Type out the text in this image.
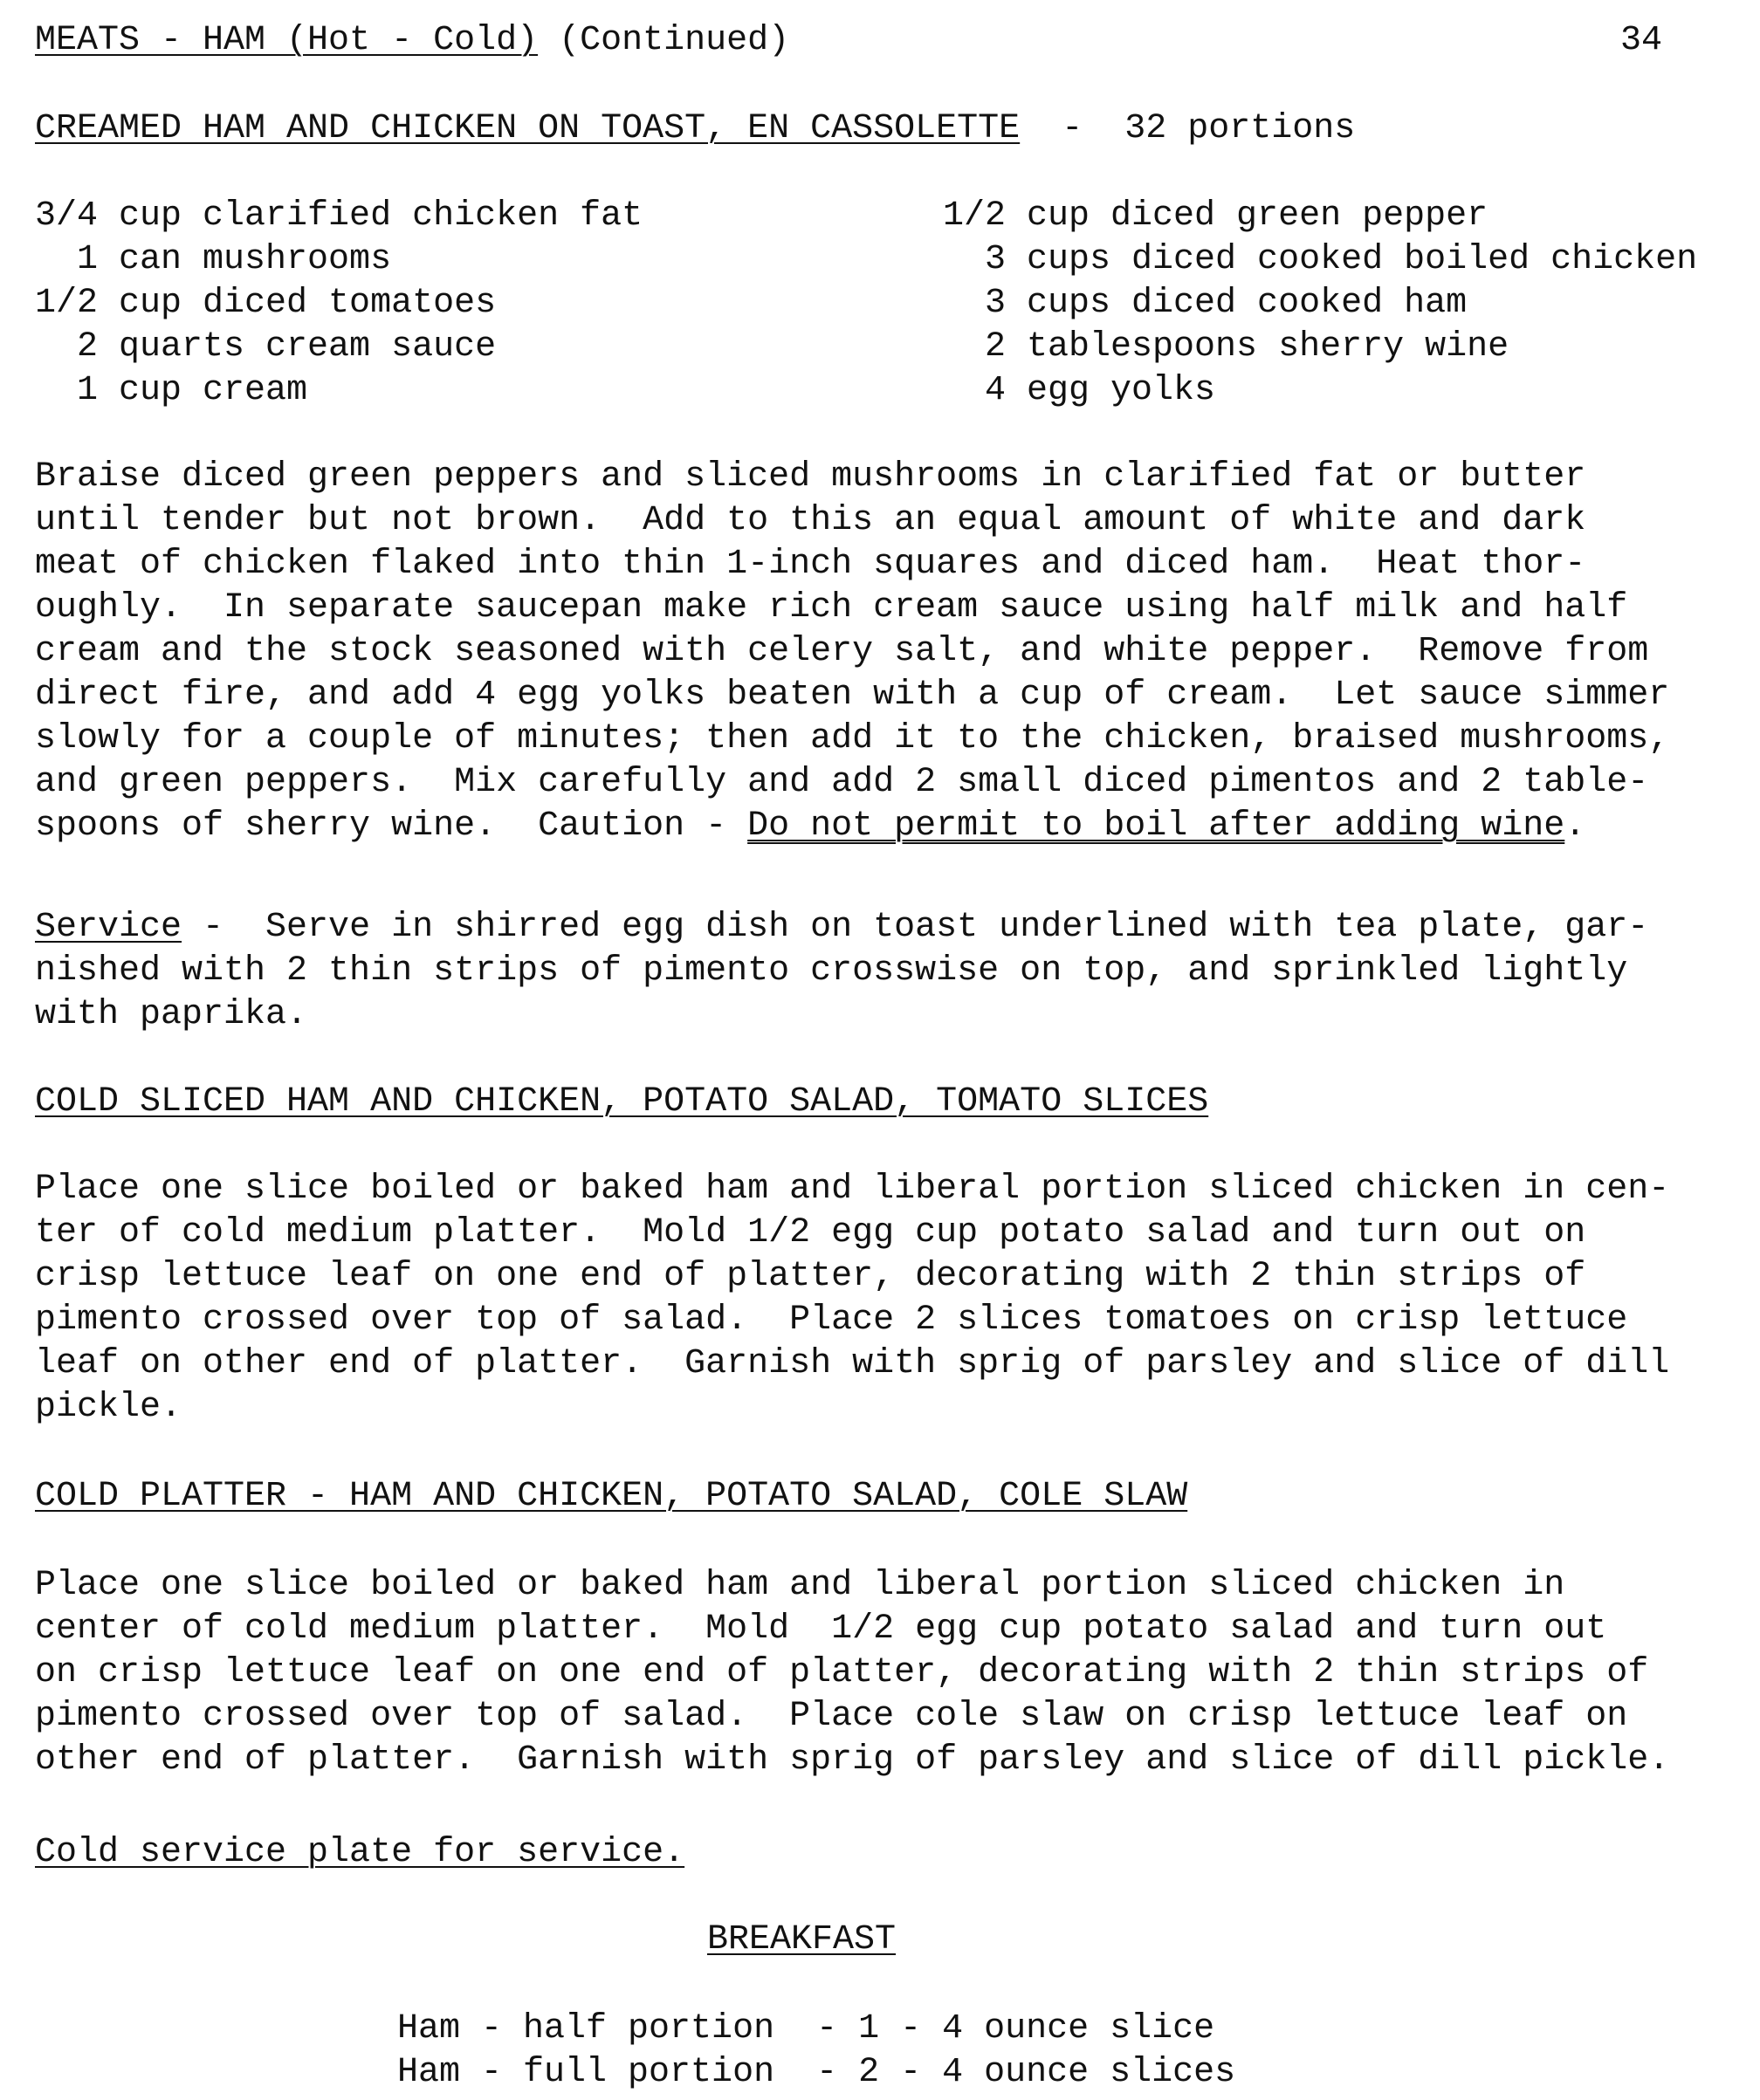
MEATS - HAM (Hot - Cold) (Continued)	34
CREAMED HAM AND CHICKEN ON TOAST, EN CASSOLETTE  -  32 portions
3/4 cup clarified chicken fat
1 can mushrooms
1/2 cup diced tomatoes
2 quarts cream sauce
1 cup cream
1/2 cup diced green pepper
3 cups diced cooked boiled chicken
3 cups diced cooked ham
2 tablespoons sherry wine
4 egg yolks
Braise diced green peppers and sliced mushrooms in clarified fat or butter
until tender but not brown.  Add to this an equal amount of white and dark
meat of chicken flaked into thin 1-inch squares and diced ham.  Heat thor-
oughly.  In separate saucepan make rich cream sauce using half milk and half
cream and the stock seasoned with celery salt, and white pepper.  Remove from
direct fire, and add 4 egg yolks beaten with a cup of cream.  Let sauce simmer
slowly for a couple of minutes; then add it to the chicken, braised mushrooms,
and green peppers.  Mix carefully and add 2 small diced pimentos and 2 table-
spoons of sherry wine.  Caution - Do not permit to boil after adding wine.
Service -  Serve in shirred egg dish on toast underlined with tea plate, gar-
nished with 2 thin strips of pimento crosswise on top, and sprinkled lightly
with paprika.
COLD SLICED HAM AND CHICKEN, POTATO SALAD, TOMATO SLICES
Place one slice boiled or baked ham and liberal portion sliced chicken in cen-
ter of cold medium platter.  Mold 1/2 egg cup potato salad and turn out on
crisp lettuce leaf on one end of platter, decorating with 2 thin strips of
pimento crossed over top of salad.  Place 2 slices tomatoes on crisp lettuce
leaf on other end of platter.  Garnish with sprig of parsley and slice of dill
pickle.
COLD PLATTER - HAM AND CHICKEN, POTATO SALAD, COLE SLAW
Place one slice boiled or baked ham and liberal portion sliced chicken in
center of cold medium platter.  Mold  1/2 egg cup potato salad and turn out
on crisp lettuce leaf on one end of platter, decorating with 2 thin strips of
pimento crossed over top of salad.  Place cole slaw on crisp lettuce leaf on
other end of platter.  Garnish with sprig of parsley and slice of dill pickle.
Cold service plate for service.
BREAKFAST
Ham - half portion  - 1 - 4 ounce slice
Ham - full portion  - 2 - 4 ounce slices
